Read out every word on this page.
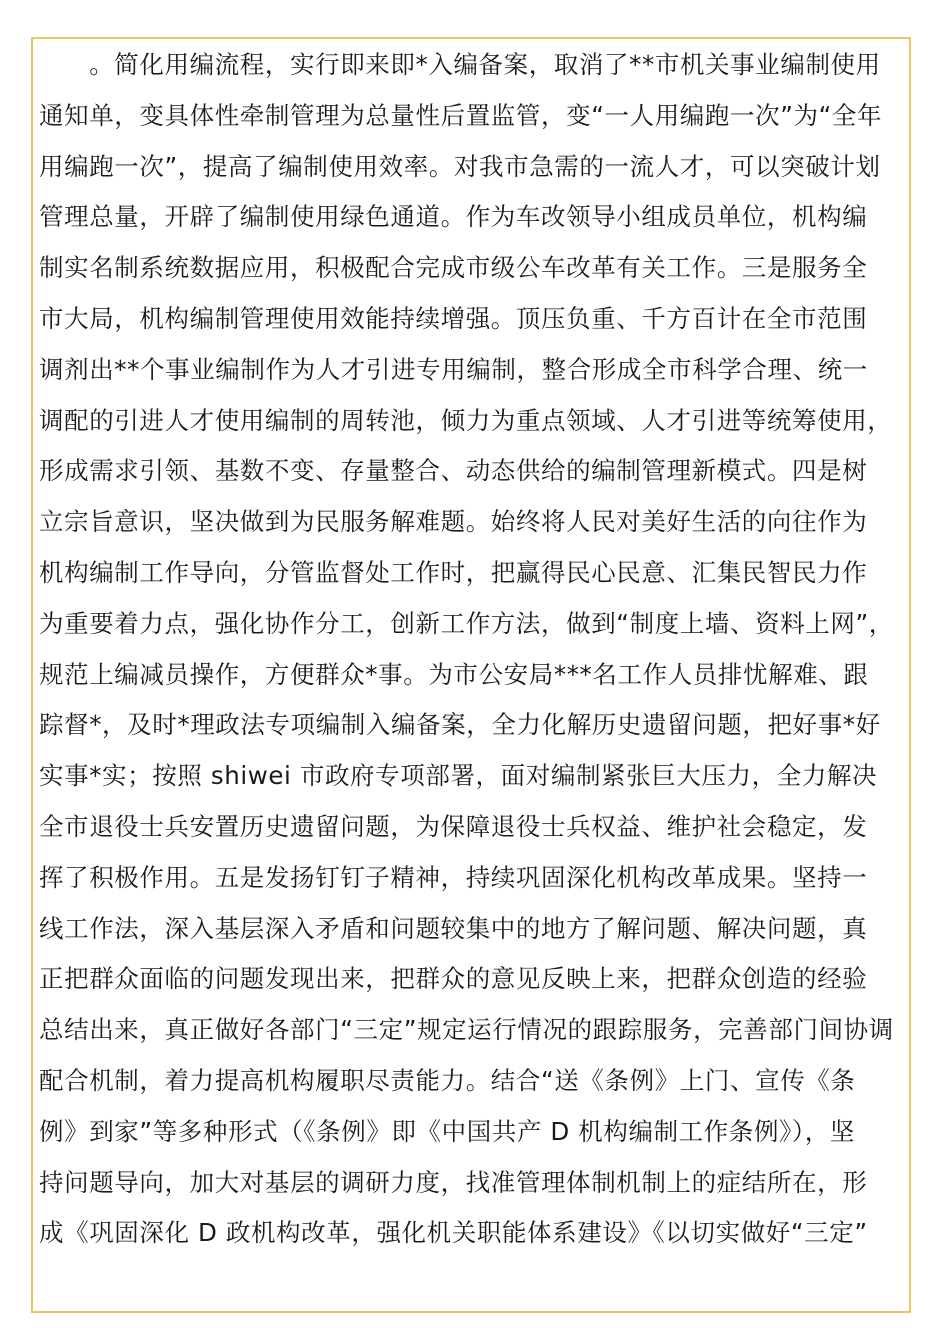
　　。简化用编流程，实行即来即*入编备案，取消了**市机关事业编制使用
通知单，变具体性牵制管理为总量性后置监管，变“一人用编跑一次”为“全年
用编跑一次”，提高了编制使用效率。对我市急需的一流人才，可以突破计划
管理总量，开辟了编制使用绿色通道。作为车改领导小组成员单位，机构编
制实名制系统数据应用，积极配合完成市级公车改革有关工作。三是服务全
市大局，机构编制管理使用效能持续增强。顶压负重、千方百计在全市范围
调剂出**个事业编制作为人才引进专用编制，整合形成全市科学合理、统一
调配的引进人才使用编制的周转池，倾力为重点领域、人才引进等统筹使用，
形成需求引领、基数不变、存量整合、动态供给的编制管理新模式。四是树
立宗旨意识，坚决做到为民服务解难题。始终将人民对美好生活的向往作为
机构编制工作导向，分管监督处工作时，把赢得民心民意、汇集民智民力作
为重要着力点，强化协作分工，创新工作方法，做到“制度上墙、资料上网”，
规范上编减员操作，方便群众*事。为市公安局***名工作人员排忧解难、跟
踪督*，及时*理政法专项编制入编备案，全力化解历史遗留问题，把好事*好
实事*实；按照 shiwei 市政府专项部署，面对编制紧张巨大压力，全力解决
全市退役士兵安置历史遗留问题，为保障退役士兵权益、维护社会稳定，发
挥了积极作用。五是发扬钉钉子精神，持续巩固深化机构改革成果。坚持一
线工作法，深入基层深入矛盾和问题较集中的地方了解问题、解决问题，真
正把群众面临的问题发现出来，把群众的意见反映上来，把群众创造的经验
总结出来，真正做好各部门“三定”规定运行情况的跟踪服务，完善部门间协调
配合机制，着力提高机构履职尽责能力。结合“送《条例》上门、宣传《条
例》到家”等多种形式（《条例》即《中国共产 D 机构编制工作条例》），坚
持问题导向，加大对基层的调研力度，找准管理体制机制上的症结所在，形
成《巩固深化 D 政机构改革，强化机关职能体系建设》《以切实做好“三定”
